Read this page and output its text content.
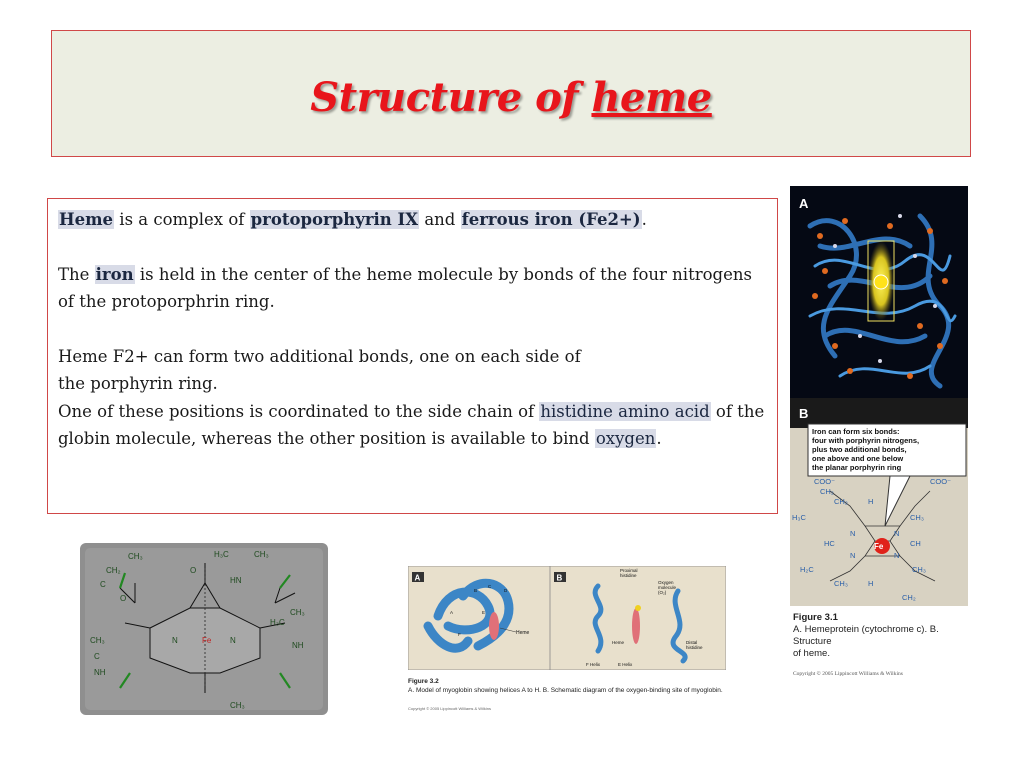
Structure of heme

Heme is a complex of protoporphyrin IX and ferrous iron (Fe2+).

The iron is held in the center of the heme molecule by bonds of the four nitrogens of the protoporphrin ring.

Heme F2+ can form two additional bonds, one on each side of
the porphyrin ring.

One of these positions is coordinated to the side chain of histidine amino acid of the globin molecule, whereas the other position is available to bind oxygen.

A
B
Iron can form six bonds:
four with porphyrin nitrogens,
plus two additional bonds,
one above and one below
the planar porphyrin ring
COO⁻	COO⁻
CH₂
CH₂	H
H₃C	CH₃
N	N
HC	CH
N	N
H₂C	CH₃
CH₃	H
CH₂
Fe
Figure 3.1
A. Hemeprotein (cytochrome c). B. Structure
of heme.
Copyright © 2005 Lippincott Williams & Wilkins
CH₃
CH₂
C
O
H₃C	CH₃
HN
CH₃
H₃C
NH
CH₃
C
NH
N	N
Fe
CH₃
O
A	B
Heme
A
B
C
D
E
F
Proximal
histidine
Oxygen
molecule
(O₂)
Heme	Distal
histidine
F Helix	E Helix
Figure 3.2
A. Model of myoglobin showing helices A to H. B. Schematic diagram of the oxygen-binding site of myoglobin.
Copyright © 2005 Lippincott Williams & Wilkins
